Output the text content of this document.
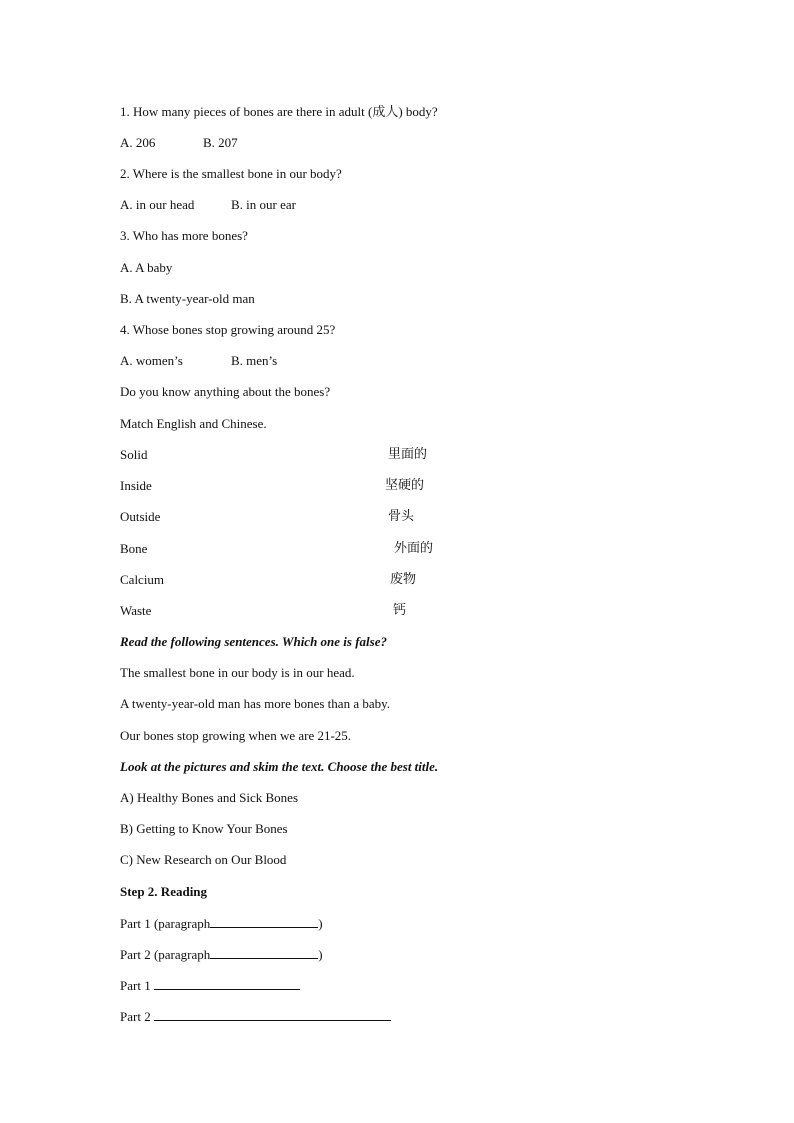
1. How many pieces of bones are there in adult (成人) body?
A. 206	B. 207
2. Where is the smallest bone in our body?
A. in our head	B. in our ear
3. Who has more bones?
A. A baby
B. A twenty-year-old man
4. Whose bones stop growing around 25?
A. women’s	B. men’s
Do you know anything about the bones?
Match English and Chinese.
Solid	里面的
Inside	坚硬的
Outside	骨头
Bone	外面的
Calcium	废物
Waste	钙
Read the following sentences. Which one is false?
The smallest bone in our body is in our head.
A twenty-year-old man has more bones than a baby.
Our bones stop growing when we are 21-25.
Look at the pictures and skim the text. Choose the best title.
A) Healthy Bones and Sick Bones
B) Getting to Know Your Bones
C) New Research on Our Blood
Step 2. Reading
Part 1 (paragraph	)
Part 2 (paragraph	)
Part 1
Part 2
